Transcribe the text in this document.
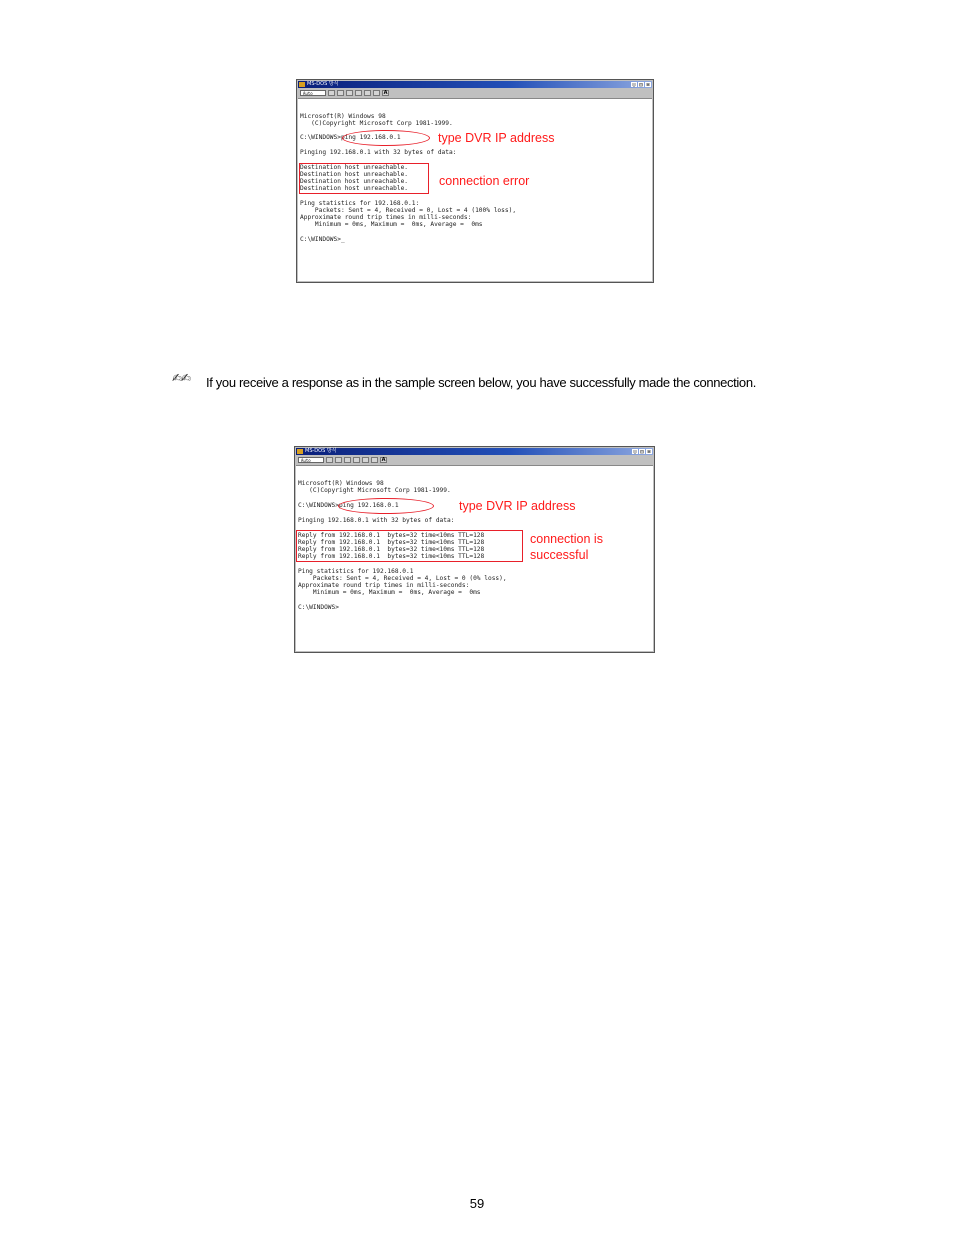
MS-DOS 방식	_	□ ×
Auto	A
Microsoft(R) Windows 98
(C)Copyright Microsoft Corp 1981-1999.
C:\WINDOWS>ping 192.168.0.1
Pinging 192.168.0.1 with 32 bytes of data:
Destination host unreachable.
Destination host unreachable.
Destination host unreachable.
Destination host unreachable.
Ping statistics for 192.168.0.1:
Packets: Sent = 4, Received = 0, Lost = 4 (100% loss),
Approximate round trip times in milli-seconds:
Minimum = 0ms, Maximum =  0ms, Average =  0ms
C:\WINDOWS>_
type DVR IP address
connection error
✍✍ If you receive a response as in the sample screen below, you have successfully made the connection.
MS-DOS 방식	_	□ ×
Auto	A
Microsoft(R) Windows 98
(C)Copyright Microsoft Corp 1981-1999.
C:\WINDOWS>ping 192.168.0.1
Pinging 192.168.0.1 with 32 bytes of data:
Reply from 192.168.0.1  bytes=32 time<10ms TTL=128
Reply from 192.168.0.1  bytes=32 time<10ms TTL=128
Reply from 192.168.0.1  bytes=32 time<10ms TTL=128
Reply from 192.168.0.1  bytes=32 time<10ms TTL=128
Ping statistics for 192.168.0.1
Packets: Sent = 4, Received = 4, Lost = 0 (0% loss),
Approximate round trip times in milli-seconds:
Minimum = 0ms, Maximum =  0ms, Average =  0ms
C:\WINDOWS>
type DVR IP address
connection is
successful
59
